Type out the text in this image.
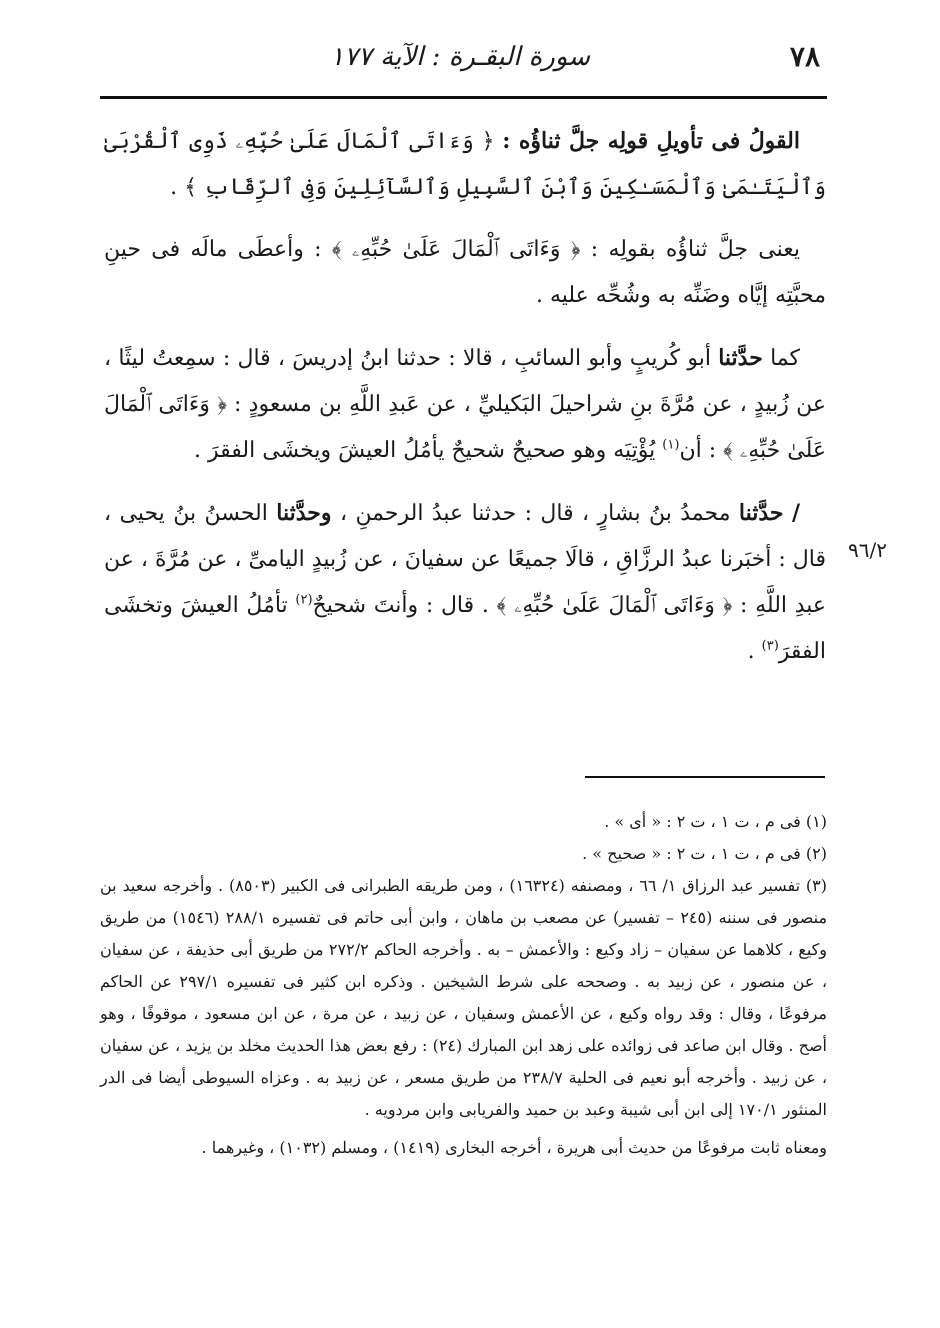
٧٨
سورة البقـرة : الآية ١٧٧
٩٦/٢

القولُ فى تأويلِ قولِه جلَّ ثناؤُه : ﴿ وَءَاتَى ٱلْمَالَ عَلَىٰ حُبِّهِۦ ذَوِى ٱلْقُرْبَىٰ وَٱلْيَتَـٰمَىٰ وَٱلْمَسَـٰكِينَ وَٱبْنَ ٱلسَّبِيلِ وَٱلسَّآئِلِينَ وَفِى ٱلرِّقَابِ ﴾ .

يعنى جلَّ ثناؤُه بقولِه : ﴿ وَءَاتَى ٱلْمَالَ عَلَىٰ حُبِّهِۦ ﴾ : وأعطَى مالَه فى حينِ محبَّتِه إيَّاه وضَنِّه به وشُحِّه عليه .

كما حدَّثنا أبو كُريبٍ وأبو السائبِ ، قالا : حدثنا ابنُ إدريسَ ، قال : سمِعتُ ليثًا ، عن زُبيدٍ ، عن مُرَّةَ بنِ شراحيلَ البَكيليِّ ، عن عَبدِ اللَّهِ بن مسعودٍ : ﴿ وَءَاتَى ٱلْمَالَ عَلَىٰ حُبِّهِۦ ﴾ : أن$^{(١)}$ يُؤْتِيَه وهو صحيحٌ شحيحٌ يأمُلُ العيشَ ويخشَى الفقرَ .

/ حدَّثنا محمدُ بنُ بشارٍ ، قال : حدثنا عبدُ الرحمنِ ، وحدَّثنا الحسنُ بنُ يحيى ، قال : أخبَرنا عبدُ الرزَّاقِ ، قالَا جميعًا عن سفيانَ ، عن زُبيدٍ اليامىِّ ، عن مُرَّةَ ، عن عبدِ اللَّهِ : ﴿ وَءَاتَى ٱلْمَالَ عَلَىٰ حُبِّهِۦ ﴾ . قال : وأنتَ شحيحٌ$^{(٢)}$ تأمُلُ العيشَ وتخشَى الفقرَ$^{(٣)}$ .

(١) فى م ، ت ١ ، ت ٢ : « أى » .

(٢) فى م ، ت ١ ، ت ٢ : « صحيح » .

(٣) تفسير عبد الرزاق ١/ ٦٦ ، ومصنفه (١٦٣٢٤) ، ومن طريقه الطبرانى فى الكبير (٨٥٠٣) . وأخرجه سعيد بن منصور فى سننه (٢٤٥ – تفسير) عن مصعب بن ماهان ، وابن أبى حاتم فى تفسيره ٢٨٨/١ (١٥٤٦) من طريق وكيع ، كلاهما عن سفيان – زاد وكيع : والأعمش – به . وأخرجه الحاكم ٢٧٢/٢ من طريق أبى حذيفة ، عن سفيان ، عن منصور ، عن زبيد به . وصححه على شرط الشيخين . وذكره ابن كثير فى تفسيره ٢٩٧/١ عن الحاكم مرفوعًا ، وقال : وقد رواه وكيع ، عن الأعمش وسفيان ، عن زبيد ، عن مرة ، عن ابن مسعود ، موقوفًا ، وهو أصح . وقال ابن صاعد فى زوائده على زهد ابن المبارك (٢٤) : رفع بعض هذا الحديث مخلد بن يزيد ، عن سفيان ، عن زبيد . وأخرجه أبو نعيم فى الحلية ٢٣٨/٧ من طريق مسعر ، عن زبيد به . وعزاه السيوطى أيضا فى الدر المنثور ١٧٠/١ إلى ابن أبى شيبة وعبد بن حميد والفريابى وابن مردويه .

ومعناه ثابت مرفوعًا من حديث أبى هريرة ، أخرجه البخارى (١٤١٩) ، ومسلم (١٠٣٢) ، وغيرهما .
